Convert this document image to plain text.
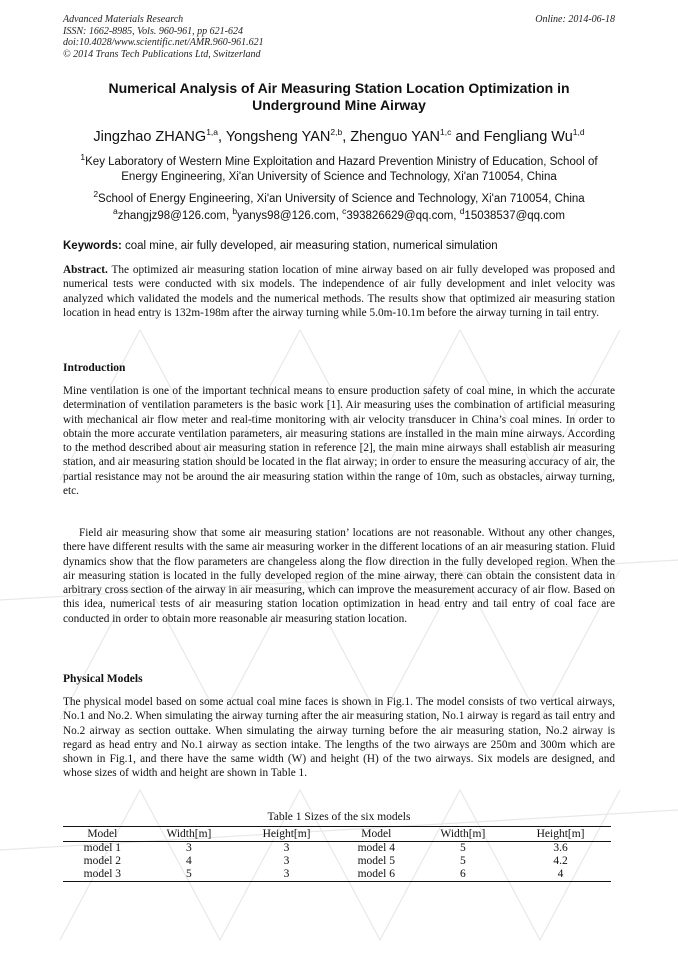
Advanced Materials Research
ISSN: 1662-8985, Vols. 960-961, pp 621-624
doi:10.4028/www.scientific.net/AMR.960-961.621
© 2014 Trans Tech Publications Ltd, Switzerland
Online: 2014-06-18
Numerical Analysis of Air Measuring Station Location Optimization in Underground Mine Airway
Jingzhao ZHANG$^{1,a}$, Yongsheng YAN$^{2,b}$, Zhenguo YAN$^{1,c}$ and Fengliang Wu$^{1,d}$
$^1$Key Laboratory of Western Mine Exploitation and Hazard Prevention Ministry of Education, School of Energy Engineering, Xi'an University of Science and Technology, Xi'an 710054, China
$^2$School of Energy Engineering, Xi'an University of Science and Technology, Xi'an 710054, China
$^a$zhangjz98@126.com, $^b$yanys98@126.com, $^c$393826629@qq.com, $^d$15038537@qq.com
Keywords: coal mine, air fully developed, air measuring station, numerical simulation
Abstract. The optimized air measuring station location of mine airway based on air fully developed was proposed and numerical tests were conducted with six models. The independence of air fully development and inlet velocity was analyzed which validated the models and the numerical methods. The results show that optimized air measuring station location in head entry is 132m-198m after the airway turning while 5.0m-10.1m before the airway turning in tail entry.
Introduction
Mine ventilation is one of the important technical means to ensure production safety of coal mine, in which the accurate determination of ventilation parameters is the basic work [1]. Air measuring uses the combination of artificial measuring with mechanical air flow meter and real-time monitoring with air velocity transducer in China’s coal mines. In order to obtain the more accurate ventilation parameters, air measuring stations are installed in the main mine airways. According to the method described about air measuring station in reference [2], the main mine airways shall establish air measuring station, and air measuring station should be located in the flat airway; in order to ensure the measuring accuracy of air, the partial resistance may not be around the air measuring station within the range of 10m, such as obstacles, airway turning, etc.
Field air measuring show that some air measuring station’ locations are not reasonable. Without any other changes, there have different results with the same air measuring worker in the different locations of an air measuring station. Fluid dynamics show that the flow parameters are changeless along the flow direction in the fully developed region. When the air measuring station is located in the fully developed region of the mine airway, there can obtain the consistent data in arbitrary cross section of the airway in air measuring, which can improve the measurement accuracy of air flow. Based on this idea, numerical tests of air measuring station location optimization in head entry and tail entry of coal face are conducted in order to obtain more reasonable air measuring station location.
Physical Models
The physical model based on some actual coal mine faces is shown in Fig.1. The model consists of two vertical airways, No.1 and No.2. When simulating the airway turning after the air measuring station, No.1 airway is regard as tail entry and No.2 airway as section outtake. When simulating the airway turning before the air measuring station, No.2 airway is regard as head entry and No.1 airway as section intake. The lengths of the two airways are 250m and 300m which are shown in Fig.1, and there have the same width (W) and height (H) of the two airways. Six models are designed, and whose sizes of width and height are shown in Table 1.
Table 1 Sizes of the six models
Model	Width[m]	Height[m]	Model	Width[m]	Height[m]
model 1	3	3	model 4	5	3.6
model 2	4	3	model 5	5	4.2
model 3	5	3	model 6	6	4
